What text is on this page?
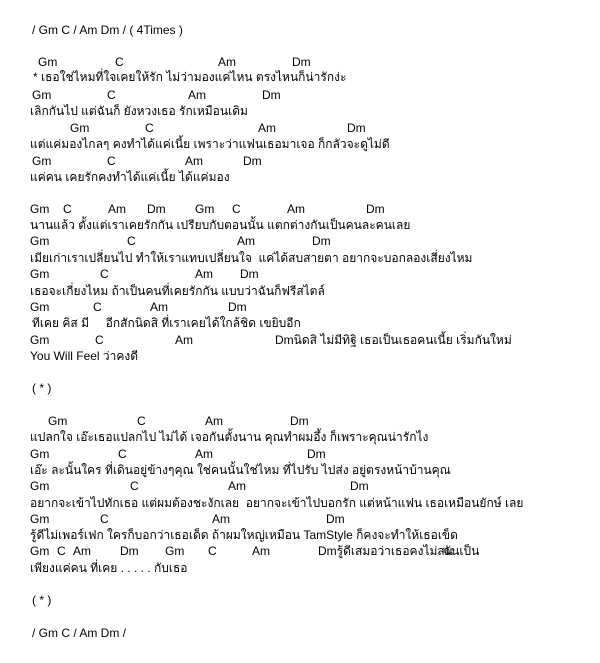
/ Gm C / Am Dm / ( 4Times )
Gm	C	Am	Dm
* เธอใช่ไหมที่ใจเคยให้รัก ไม่ว่ามองแค่ไหน ตรงไหนก็น่ารักง่ะ
Gm	C	Am	Dm
เลิกกันไป แต่ฉันก็ ยังหวงเธอ รักเหมือนเดิม
Gm	C	Am	Dm
แต่แค่มองไกลๆ คงทำได้แค่เนี้ย เพราะว่าแฟนเธอมาเจอ ก็กลัวจะดูไม่ดี
Gm	C	Am	Dm
แค่คน เคยรักคงทำได้แค่เนี้ย ได้แค่มอง
Gm C	Am Dm Gm C	Am	Dm
นานแล้ว ตั้งแต่เราเคยรักกัน เปรียบกับตอนนั้น แตกต่างกันเป็นคนละคนเลย
Gm	C	Am	Dm
เมียเก่าเราเปลี่ยนไป ทำให้เราแทบเปลี่ยนใจ  แค่ได้สบสายตา อยากจะบอกลองเสี่ยงไหม
Gm	C	Am Dm
เธอจะเกี่ยงไหม ถ้าเป็นคนที่เคยรักกัน แบบว่าฉันก็ฟรีสไตล์
Gm	C	Am	Dm
ทีเคย คิส มี     อีกสักนิดสิ ที่เราเคยได้ใกล้ชิด เขยิบอีก
Gm	C	Am	Dmนิดสิ ไม่มีทิฐิ เธอเป็นเธอคนเนี้ย เริ่มกันใหม่
You Will Feel ว่าคงดี
( * )
Gm	C	Am	Dm
แปลกใจ เอ๊ะเธอแปลกไป ไม่ได้ เจอกันตั้งนาน คุณทำผมอึ้ง ก็เพราะคุณน่ารักไง
Gm	C	Am	Dm
เอ๊ะ ละนั้นใคร ที่เดินอยู่ข้างๆคุณ ใช่คนนั้นใช่ไหม ที่ไปรับ ไปส่ง อยู่ตรงหน้าบ้านคุณ
Gm	C	Am	Dm
อยากจะเข้าไปทักเธอ แต่ผมต้องชะงักเลย  อยากจะเข้าไปบอกรัก แต่หน้าแฟน เธอเหมือนยักษ์ เลย
Gm	C	Am	Dm
รู้ดีไม่เพอร์เฟก ใครก็บอกว่าเธอเด็ด ถ้าผมใหญ่เหมือน TamStyle ก็คงจะทำให้เธอเข็ด
Gm C Am Dm Gm C	Am	Dmรู้ดีเสมอว่าเธอคงไม่สน
ฉันเป็น
เพียงแค่คน ที่เคย . . . . . กับเธอ
( * )
/ Gm C / Am Dm /
